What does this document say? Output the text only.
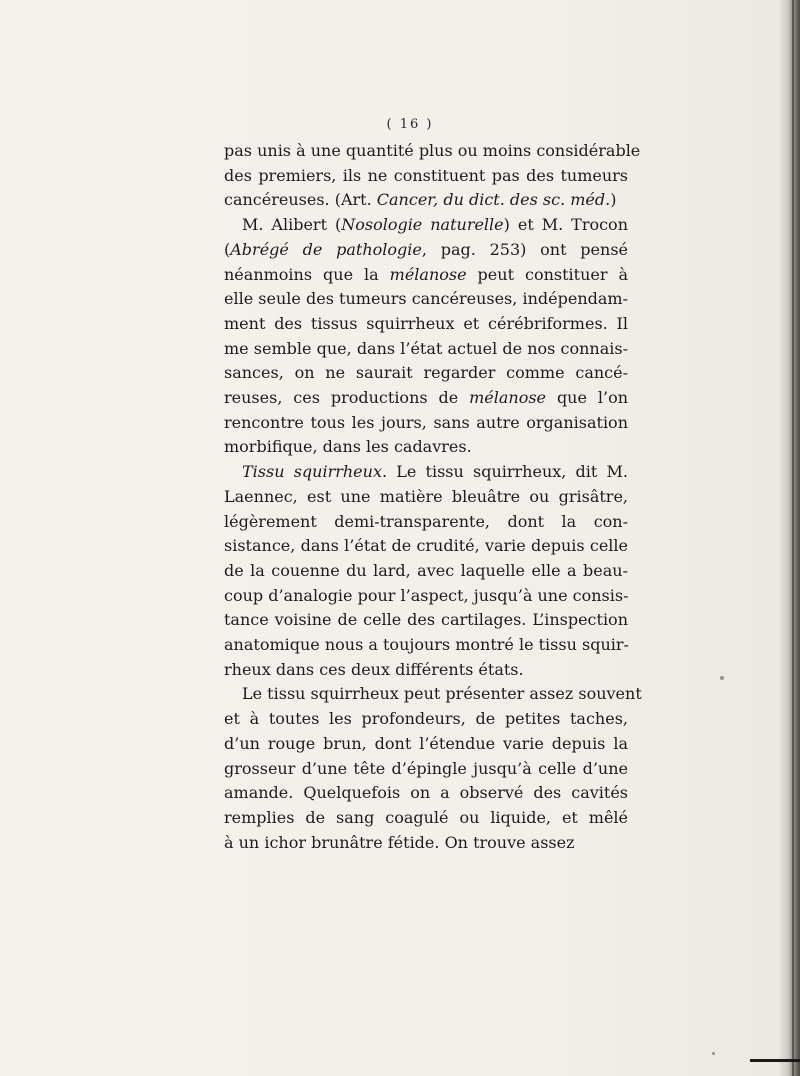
( 16 )
pas unis à une quantité plus ou moins considérable
des premiers, ils ne constituent pas des tumeurs
cancéreuses. (Art. Cancer, du dict. des sc. méd.)
M. Alibert (Nosologie naturelle) et M. Trocon
(Abrégé de pathologie, pag. 253) ont pensé
néanmoins que la mélanose peut constituer à
elle seule des tumeurs cancéreuses, indépendam-
ment des tissus squirrheux et cérébriformes. Il
me semble que, dans l’état actuel de nos connais-
sances, on ne saurait regarder comme cancé-
reuses, ces productions de mélanose que l’on
rencontre tous les jours, sans autre organisation
morbifique, dans les cadavres.
Tissu squirrheux. Le tissu squirrheux, dit M.
Laennec, est une matière bleuâtre ou grisâtre,
légèrement demi-transparente, dont la con-
sistance, dans l’état de crudité, varie depuis celle
de la couenne du lard, avec laquelle elle a beau-
coup d’analogie pour l’aspect, jusqu’à une consis-
tance voisine de celle des cartilages. L’inspection
anatomique nous a toujours montré le tissu squir-
rheux dans ces deux différents états.
Le tissu squirrheux peut présenter assez souvent
et à toutes les profondeurs, de petites taches,
d’un rouge brun, dont l’étendue varie depuis la
grosseur d’une tête d’épingle jusqu’à celle d’une
amande. Quelquefois on a observé des cavités
remplies de sang coagulé ou liquide, et mêlé
à un ichor brunâtre fétide. On trouve assez
